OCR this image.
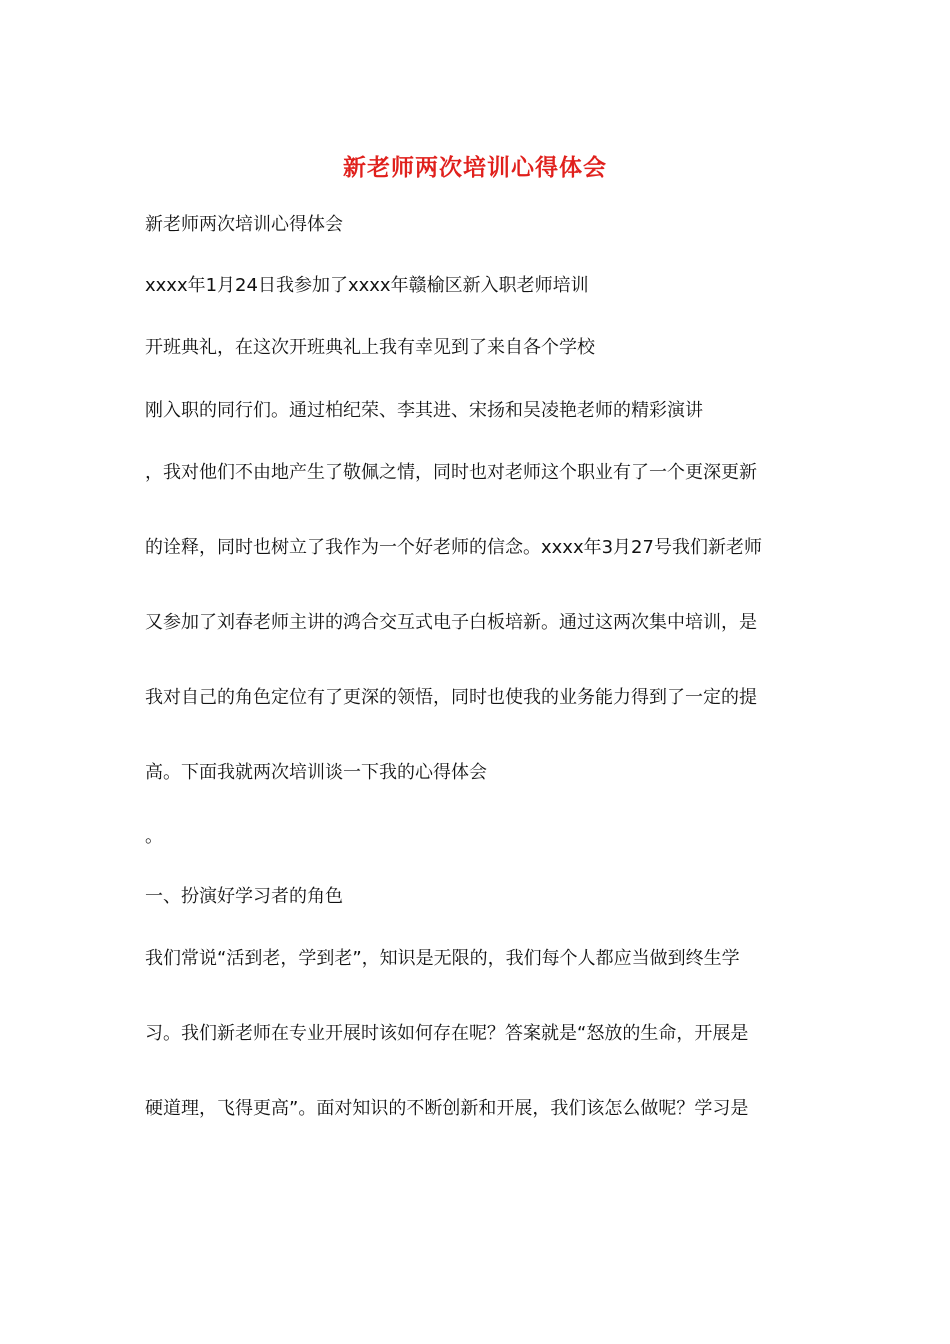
新老师两次培训心得体会
新老师两次培训心得体会
xxxx年1月24日我参加了xxxx年赣榆区新入职老师培训
开班典礼，在这次开班典礼上我有幸见到了来自各个学校
刚入职的同行们。通过柏纪荣、李其进、宋扬和吴凌艳老师的精彩演讲
，我对他们不由地产生了敬佩之情，同时也对老师这个职业有了一个更深更新
的诠释，同时也树立了我作为一个好老师的信念。xxxx年3月27号我们新老师
又参加了刘春老师主讲的鸿合交互式电子白板培新。通过这两次集中培训，是
我对自己的角色定位有了更深的领悟，同时也使我的业务能力得到了一定的提
高。下面我就两次培训谈一下我的心得体会
。
一、扮演好学习者的角色
我们常说“活到老，学到老”，知识是无限的，我们每个人都应当做到终生学
习。我们新老师在专业开展时该如何存在呢？答案就是“怒放的生命，开展是
硬道理，飞得更高”。面对知识的不断创新和开展，我们该怎么做呢？学习是
